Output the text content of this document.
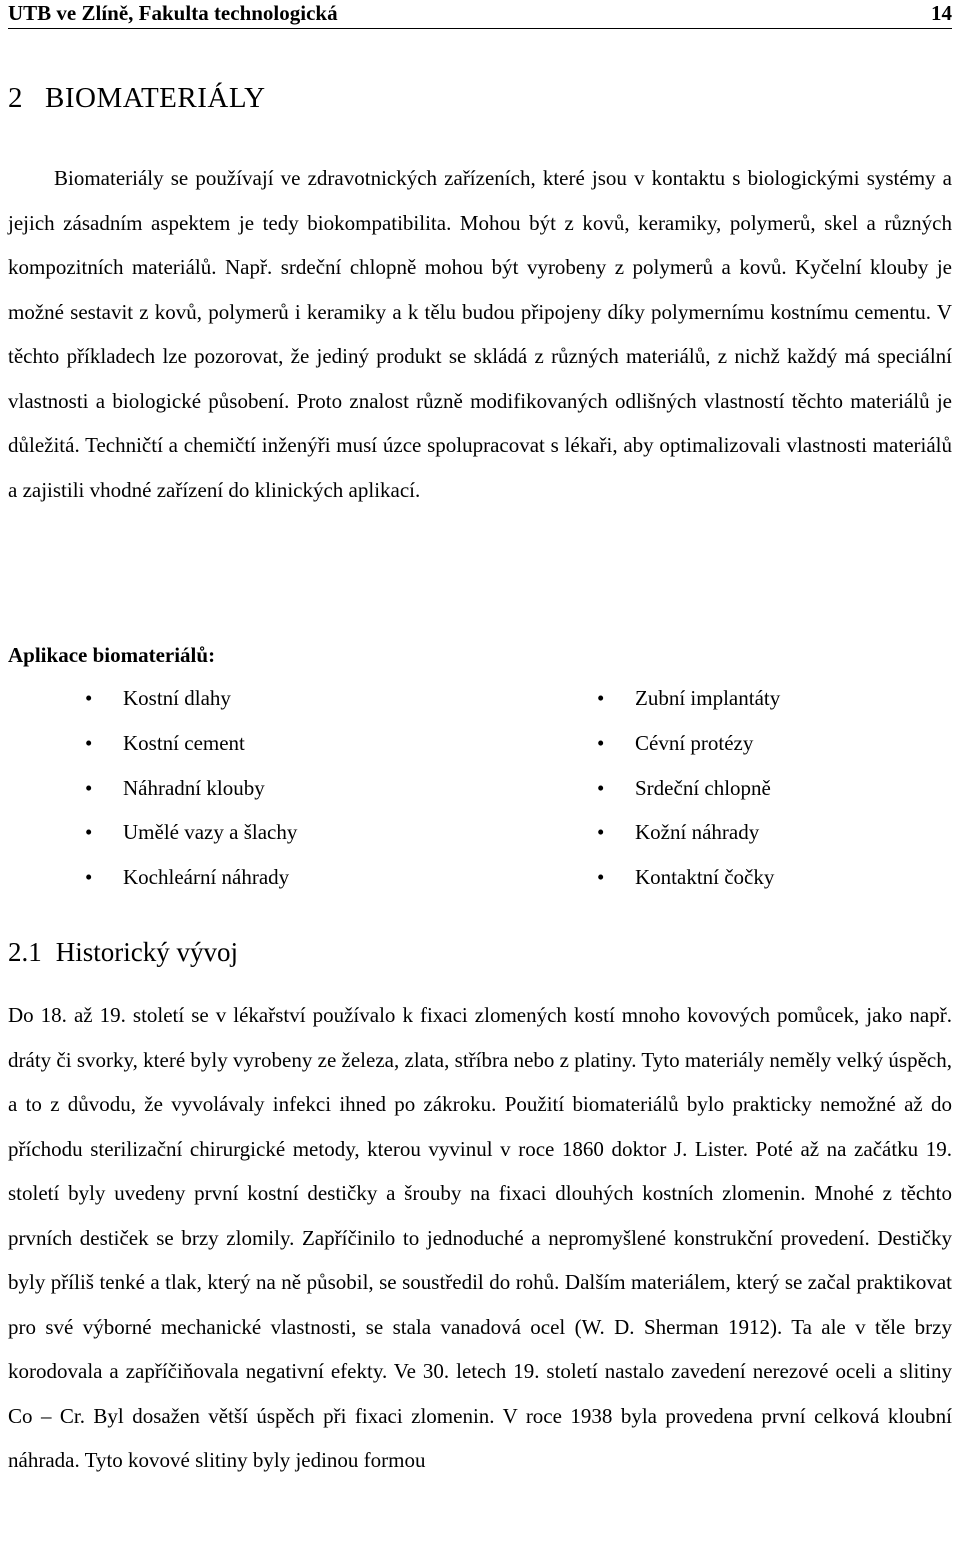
UTB ve Zlíně, Fakulta technologická	14
2 BIOMATERIÁLY

Biomateriály se používají ve zdravotnických zařízeních, které jsou v kontaktu s biologickými systémy a jejich zásadním aspektem je tedy biokompatibilita. Mohou být z kovů, keramiky, polymerů, skel a různých kompozitních materiálů. Např. srdeční chlopně mohou být vyrobeny z polymerů a kovů. Kyčelní klouby je možné sestavit z kovů, polymerů i keramiky a k tělu budou připojeny díky polymernímu kostnímu cementu. V těchto příkladech lze pozorovat, že jediný produkt se skládá z různých materiálů, z nichž každý má speciální vlastnosti a biologické působení. Proto znalost různě modifikovaných odlišných vlastností těchto materiálů je důležitá. Techničtí a chemičtí inženýři musí úzce spolupracovat s lékaři, aby optimalizovali vlastnosti materiálů a zajistili vhodné zařízení do klinických aplikací.

Aplikace biomateriálů:
• Kostní dlahy
• Kostní cement
• Náhradní klouby
• Umělé vazy a šlachy
• Kochleární náhrady
• Zubní implantáty
• Cévní protézy
• Srdeční chlopně
• Kožní náhrady
• Kontaktní čočky
2.1 Historický vývoj

Do 18. až 19. století se v lékařství používalo k fixaci zlomených kostí mnoho kovových pomůcek, jako např. dráty či svorky, které byly vyrobeny ze železa, zlata, stříbra nebo z platiny. Tyto materiály neměly velký úspěch, a to z důvodu, že vyvolávaly infekci ihned po zákroku. Použití biomateriálů bylo prakticky nemožné až do příchodu sterilizační chirurgické metody, kterou vyvinul v roce 1860 doktor J. Lister. Poté až na začátku 19. století byly uvedeny první kostní destičky a šrouby na fixaci dlouhých kostních zlomenin. Mnohé z těchto prvních destiček se brzy zlomily. Zapříčinilo to jednoduché a nepromyšlené konstrukční provedení. Destičky byly příliš tenké a tlak, který na ně působil, se soustředil do rohů. Dalším materiálem, který se začal praktikovat pro své výborné mechanické vlastnosti, se stala vanadová ocel (W. D. Sherman 1912). Ta ale v těle brzy korodovala a zapříčiňovala negativní efekty. Ve 30. letech 19. století nastalo zavedení nerezové oceli a slitiny Co – Cr. Byl dosažen větší úspěch při fixaci zlomenin. V roce 1938 byla provedena první celková kloubní náhrada. Tyto kovové slitiny byly jedinou formou
